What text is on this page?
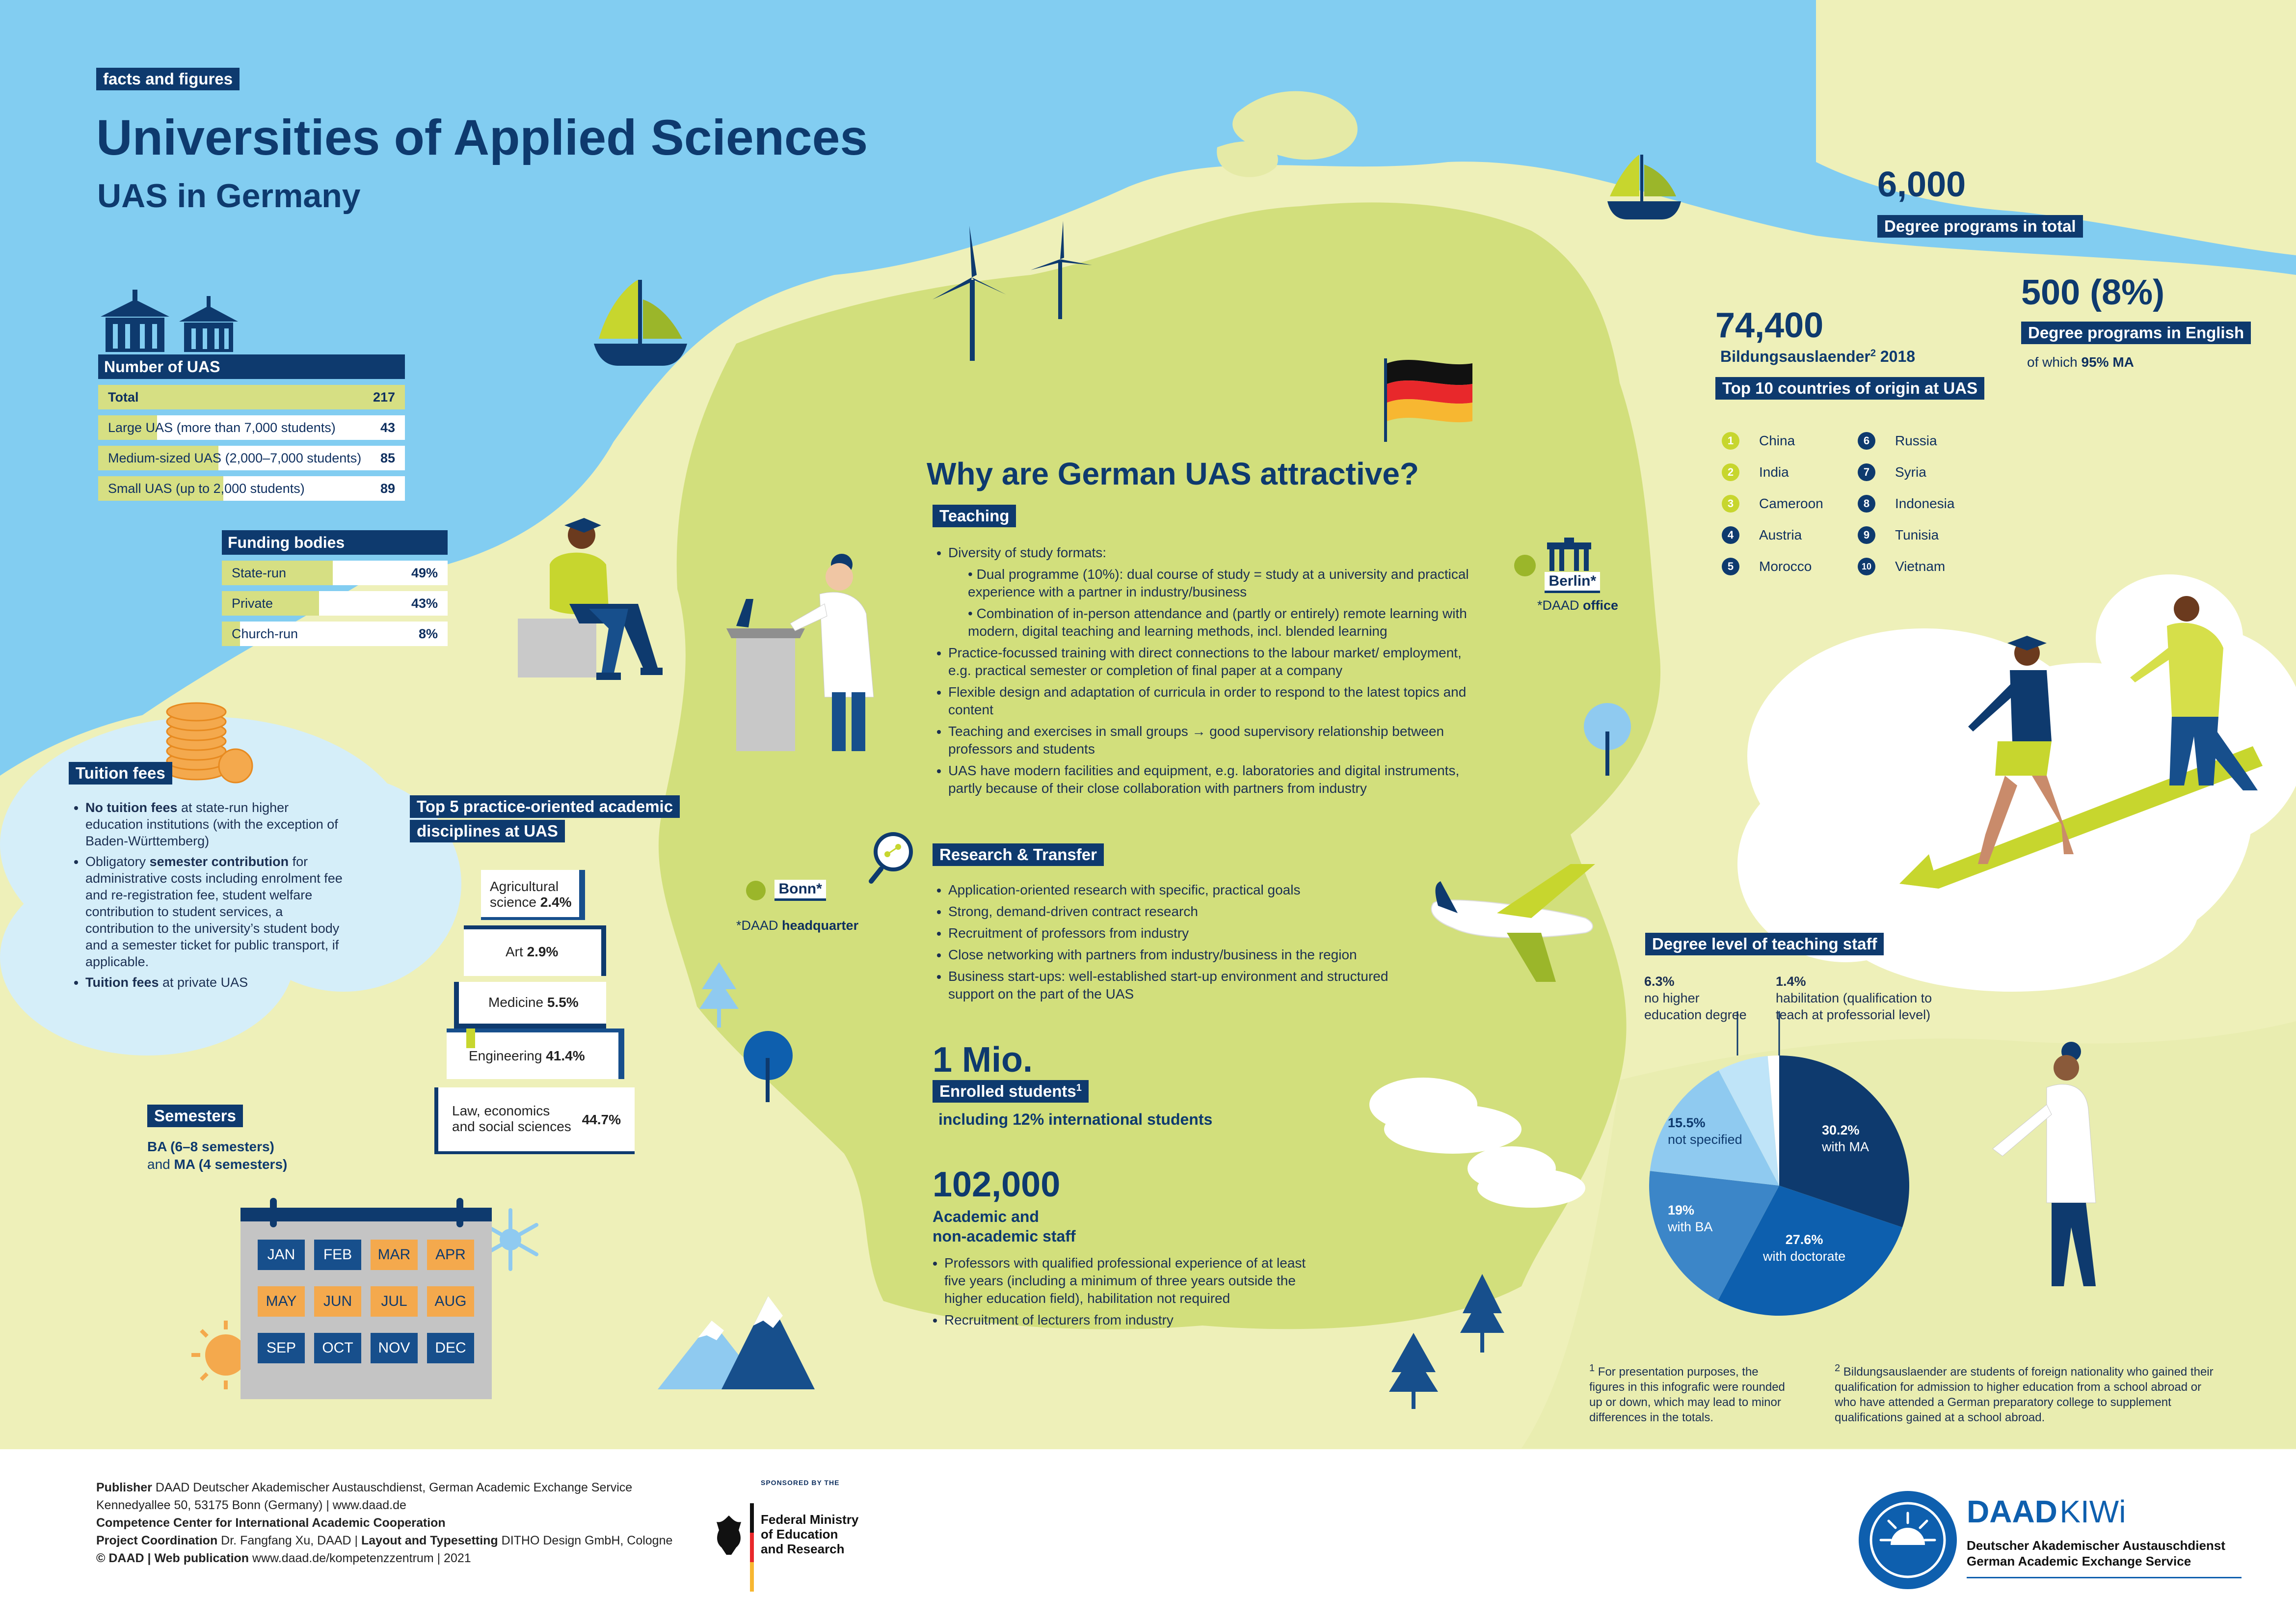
facts and figures
Universities of Applied Sciences
UAS in Germany
Number of UAS
Total	217
Large UAS (more than 7,000 students)	43
Medium-sized UAS (2,000–7,000 students) 85
Small UAS (up to 2,000 students)	89
Funding bodies
State-run	49%
Private	43%
Church-run	8%
Tuition fees
• No tuition fees at state-run higher education institutions (with the exception of Baden-Württemberg)
• Obligatory semester contribution for administrative costs including enrolment fee and re-registration fee, student welfare contribution to student services, a contribution to the university’s student body and a semester ticket for public transport, if applicable.
• Tuition fees at private UAS
Top 5 practice-oriented academic
disciplines at UAS
Agricultural science 2.4%
Art 2.9%
Medicine 5.5%
Engineering 41.4%
Law, economics and social sciences 44.7%
Semesters
BA (6–8 semesters)
and MA (4 semesters)
JAN	FEB	MAR	APR
MAY	JUN	JUL	AUG
SEP	OCT	NOV	DEC
Bonn*
*DAAD headquarter

Berlin*
*DAAD office
Why are German UAS attractive?
Teaching
• Diversity of study formats:
• Dual programme (10%): dual course of study = study at a university and practical experience with a partner in industry/business
• Combination of in-person attendance and (partly or entirely) remote learning with modern, digital teaching and learning methods, incl. blended learning
• Practice-focussed training with direct connections to the labour market/ employment, e.g. practical semester or completion of final paper at a company
• Flexible design and adaptation of curricula in order to respond to the latest topics and content
• Teaching and exercises in small groups → good supervisory relationship between professors and students
• UAS have modern facilities and equipment, e.g. laboratories and digital instruments, partly because of their close collaboration with partners from industry
Research & Transfer
• Application-oriented research with specific, practical goals
• Strong, demand-driven contract research
• Recruitment of professors from industry
• Close networking with partners from industry/business in the region
• Business start-ups: well-established start-up environment and structured support on the part of the UAS
1 Mio.
Enrolled students$^1$
including 12% international students
102,000
Academic and
non-academic staff
• Professors with qualified professional experience of at least five years (including a minimum of three years outside the higher education field), habilitation not required
• Recruitment of lecturers from industry
6,000
Degree programs in total
500 (8%)
Degree programs in English
of which 95% MA
74,400
Bildungsauslaender$^2$ 2018
Top 10 countries of origin at UAS
1 China
2 India
3 Cameroon
4 Austria
5 Morocco
6 Russia
7 Syria
8 Indonesia
9 Tunisia
10 Vietnam
Degree level of teaching staff
6.3%
no higher
education degree
1.4%
habilitation (qualification to
teach at professorial level)
30.2%
with MA
27.6%
with doctorate
19%
with BA
15.5%
not specified
$^1$ For presentation purposes, the figures in this infografic were rounded up or down, which may lead to minor differences in the totals.
$^2$ Bildungsauslaender are students of foreign nationality who gained their qualification for admission to higher education from a school abroad or who have attended a German preparatory college to supplement qualifications gained at a school abroad.
Publisher DAAD Deutscher Akademischer Austauschdienst, German Academic Exchange Service
Kennedyallee 50, 53175 Bonn (Germany) | www.daad.de
Competence Center for International Academic Cooperation
Project Coordination Dr. Fangfang Xu, DAAD | Layout and Typesetting DITHO Design GmbH, Cologne
© DAAD | Web publication www.daad.de/kompetenzzentrum | 2021
SPONSORED BY THE
Federal Ministry
of Education
and Research
DAAD KIWi
Deutscher Akademischer Austauschdienst
German Academic Exchange Service
